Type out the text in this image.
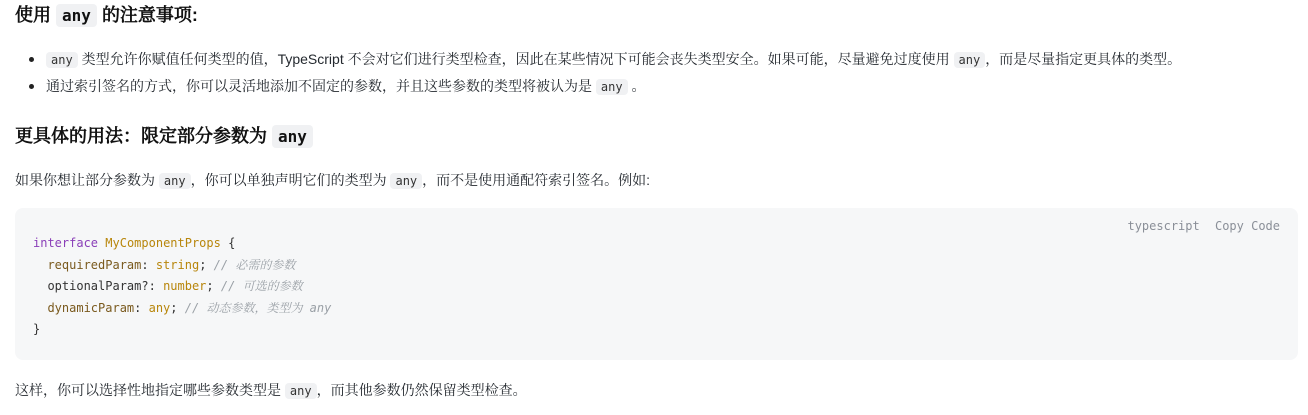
使用 any 的注意事项:
any 类型允许你赋值任何类型的值，TypeScript 不会对它们进行类型检查，因此在某些情况下可能会丧失类型安全。如果可能，尽量避免过度使用 any ，而是尽量指定更具体的类型。
通过索引签名的方式，你可以灵活地添加不固定的参数，并且这些参数的类型将被认为是 any 。
更具体的用法：限定部分参数为 any
如果你想让部分参数为 any ，你可以单独声明它们的类型为 any ，而不是使用通配符索引签名。例如:
typescript Copy Code
interface MyComponentProps {
requiredParam: string; // 必需的参数
optionalParam?: number; // 可选的参数
dynamicParam: any; // 动态参数，类型为 any
}
这样，你可以选择性地指定哪些参数类型是 any ，而其他参数仍然保留类型检查。
